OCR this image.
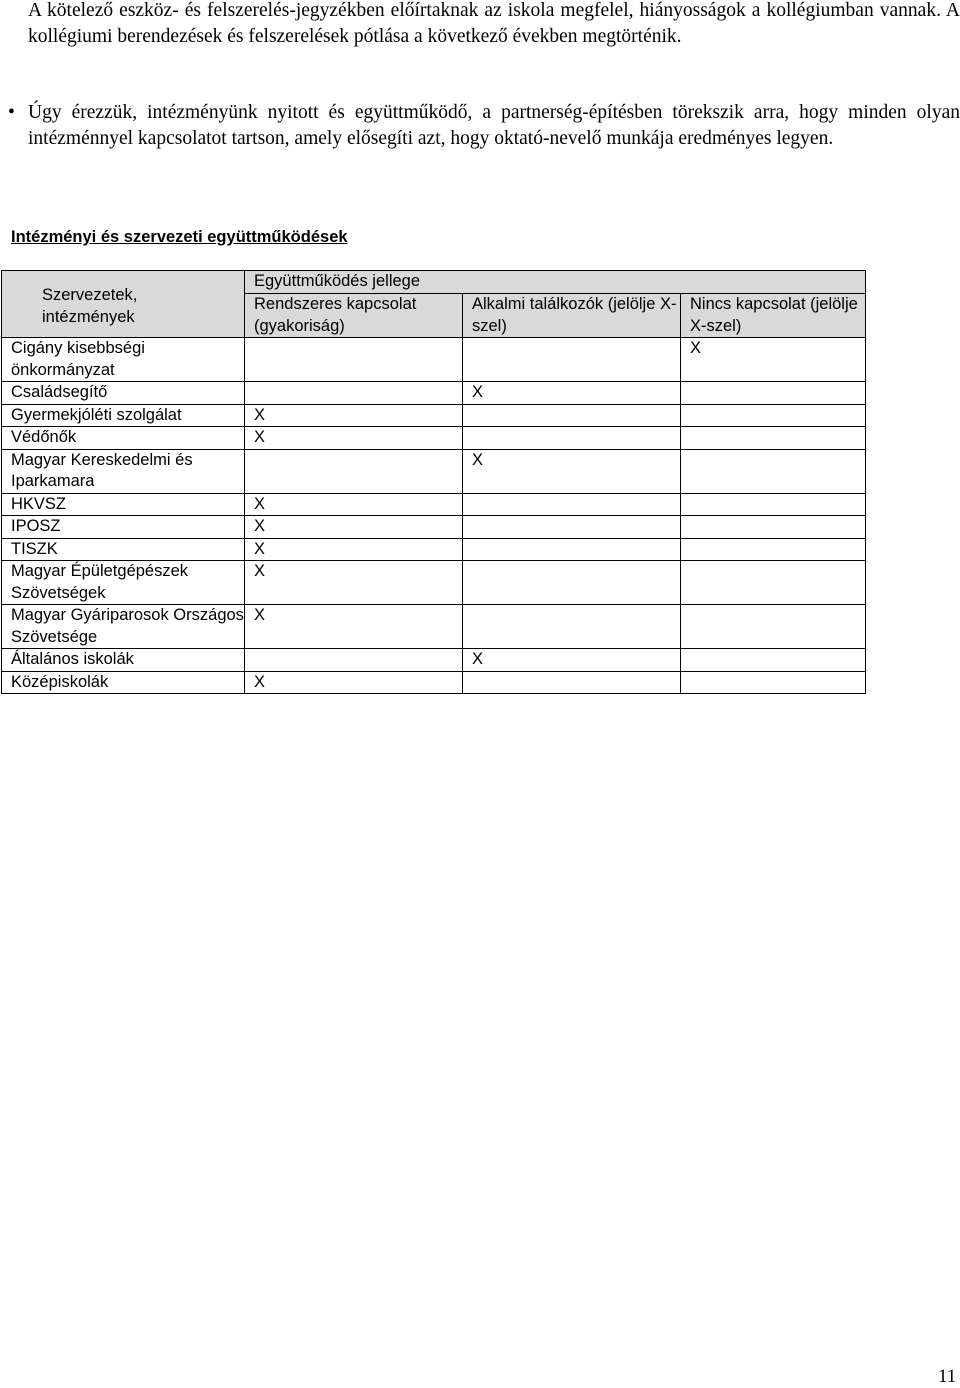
A kötelező eszköz- és felszerelés-jegyzékben előírtaknak az iskola megfelel, hiányosságok a kollégiumban vannak. A kollégiumi berendezések és felszerelések pótlása a következő években megtörténik.

• Úgy érezzük, intézményünk nyitott és együttműködő, a partnerség-építésben törekszik arra, hogy minden olyan intézménnyel kapcsolatot tartson, amely elősegíti azt, hogy oktató-nevelő munkája eredményes legyen.

Intézményi és szervezeti együttműködések
Szervezetek, intézmények	Együttműködés jellege		
	Rendszeres kapcsolat (gyakoriság)	Alkalmi találkozók (jelölje X-szel)	Nincs kapcsolat (jelölje X-szel)
Cigány kisebbségi önkormányzat			X
Családsegítő		X	
Gyermekjóléti szolgálat	X		
Védőnők	X		
Magyar Kereskedelmi és Iparkamara		X	
HKVSZ	X		
IPOSZ	X		
TISZK	X		
Magyar Épületgépészek Szövetségek	X		
Magyar Gyáriparosok Országos Szövetsége	X		
Általános iskolák		X	
Középiskolák	X		
11
